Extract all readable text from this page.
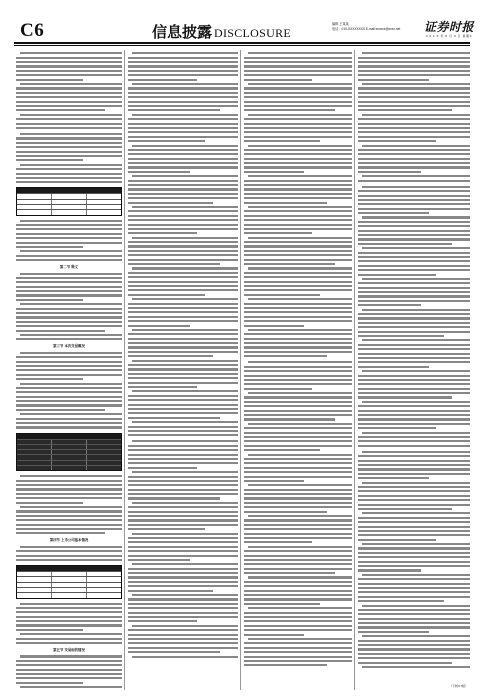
C6	信息披露 DISCLOSURE
编辑 王某某
电话：010-XXXXXXXX E-mail:xxxxxx@xxxx.net	证券时报
2 0 1 X 年 X 月 X 日 星期X
第二节 释义
第三节 本次交易概况
第四节 上市公司基本情况
第五节 交易标的情况
（下转C7版）
